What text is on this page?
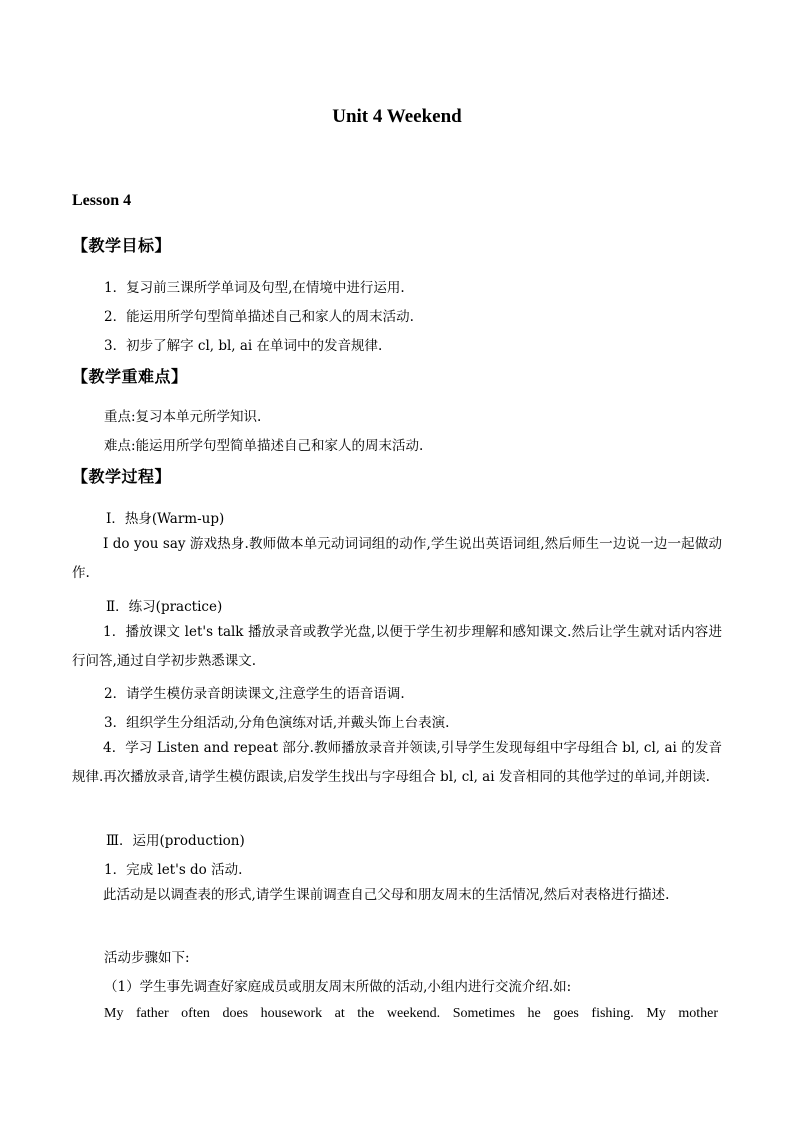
Unit 4 Weekend
Lesson 4
【教学目标】
1．复习前三课所学单词及句型,在情境中进行运用.
2．能运用所学句型简单描述自己和家人的周末活动.
3．初步了解字 cl, bl, ai 在单词中的发音规律.
【教学重难点】
重点:复习本单元所学知识.
难点:能运用所学句型简单描述自己和家人的周末活动.
【教学过程】
Ⅰ．热身(Warm-up)
I do you say 游戏热身.教师做本单元动词词组的动作,学生说出英语词组,然后师生一边说一边一起做动作.
Ⅱ．练习(practice)
1．播放课文 let's talk 播放录音或教学光盘,以便于学生初步理解和感知课文.然后让学生就对话内容进行问答,通过自学初步熟悉课文.
2．请学生模仿录音朗读课文,注意学生的语音语调.
3．组织学生分组活动,分角色演练对话,并戴头饰上台表演.
4．学习 Listen and repeat 部分.教师播放录音并领读,引导学生发现每组中字母组合 bl, cl, ai 的发音规律.再次播放录音,请学生模仿跟读,启发学生找出与字母组合 bl, cl, ai 发音相同的其他学过的单词,并朗读.
Ⅲ．运用(production)
1．完成 let's do 活动.
此活动是以调查表的形式,请学生课前调查自己父母和朋友周末的生活情况,然后对表格进行描述.
活动步骤如下:
（1）学生事先调查好家庭成员或朋友周末所做的活动,小组内进行交流介绍.如:
My father often does housework at the weekend. Sometimes he goes fishing. My mother
